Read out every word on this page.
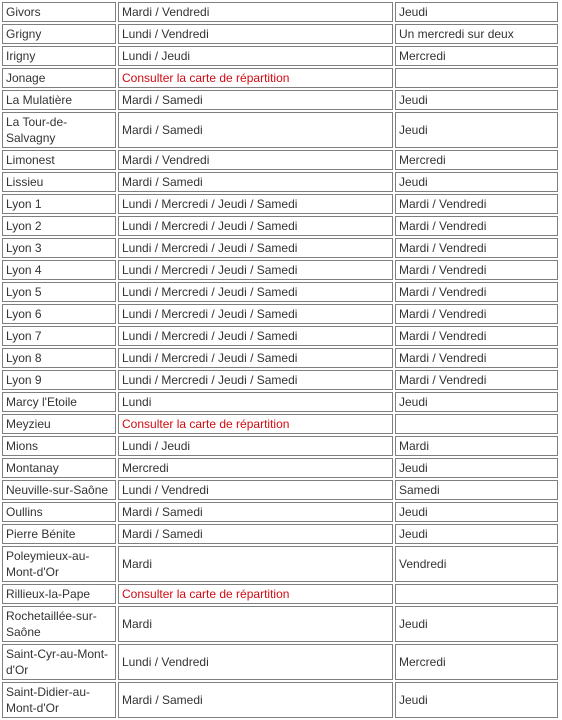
Givors	Mardi / Vendredi	Jeudi
Grigny	Lundi / Vendredi	Un mercredi sur deux
Irigny	Lundi / Jeudi	Mercredi
Jonage	Consulter la carte de répartition	
La Mulatière	Mardi / Samedi	Jeudi
La Tour-de-Salvagny	Mardi / Samedi	Jeudi
Limonest	Mardi / Vendredi	Mercredi
Lissieu	Mardi / Samedi	Jeudi
Lyon 1	Lundi / Mercredi / Jeudi / Samedi	Mardi / Vendredi
Lyon 2	Lundi / Mercredi / Jeudi / Samedi	Mardi / Vendredi
Lyon 3	Lundi / Mercredi / Jeudi / Samedi	Mardi / Vendredi
Lyon 4	Lundi / Mercredi / Jeudi / Samedi	Mardi / Vendredi
Lyon 5	Lundi / Mercredi / Jeudi / Samedi	Mardi / Vendredi
Lyon 6	Lundi / Mercredi / Jeudi / Samedi	Mardi / Vendredi
Lyon 7	Lundi / Mercredi / Jeudi / Samedi	Mardi / Vendredi
Lyon 8	Lundi / Mercredi / Jeudi / Samedi	Mardi / Vendredi
Lyon 9	Lundi / Mercredi / Jeudi / Samedi	Mardi / Vendredi
Marcy l'Etoile	Lundi	Jeudi
Meyzieu	Consulter la carte de répartition	
Mions	Lundi / Jeudi	Mardi
Montanay	Mercredi	Jeudi
Neuville-sur-Saône	Lundi / Vendredi	Samedi
Oullins	Mardi / Samedi	Jeudi
Pierre Bénite	Mardi / Samedi	Jeudi
Poleymieux-au-Mont-d'Or	Mardi	Vendredi
Rillieux-la-Pape	Consulter la carte de répartition	
Rochetaillée-sur-Saône	Mardi	Jeudi
Saint-Cyr-au-Mont-d'Or	Lundi / Vendredi	Mercredi
Saint-Didier-au-Mont-d'Or	Mardi / Samedi	Jeudi
